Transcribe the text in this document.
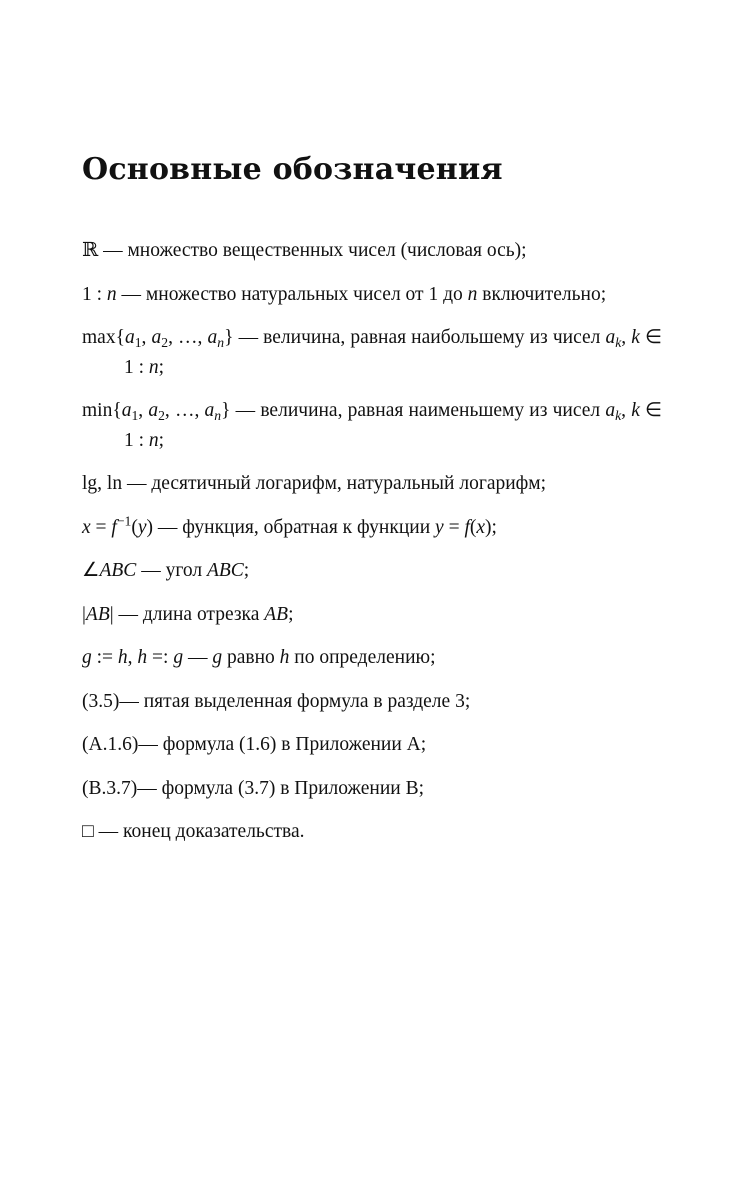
Основные обозначения
ℝ — множество вещественных чисел (числовая ось);
1 : n — множество натуральных чисел от 1 до n включительно;
$\max\{a_1$, $a_2$, …, $a_n$} — величина, равная наибольшему из чисел $a_k$, k ∈ 1 : n;
$\min\{a_1$, $a_2$, …, $a_n$} — величина, равная наименьшему из чисел $a_k$, k ∈ 1 : n;
lg, ln — десятичный логарифм, натуральный логарифм;
$x = f^{-1}(y)$ — функция, обратная к функции y = f(x);
∠ABC — угол ABC;
|AB| — длина отрезка AB;
g := h, h =: g — g равно h по определению;
(3.5)— пятая выделенная формула в разделе 3;
(A.1.6)— формула (1.6) в Приложении A;
(B.3.7)— формула (3.7) в Приложении B;
□ — конец доказательства.
